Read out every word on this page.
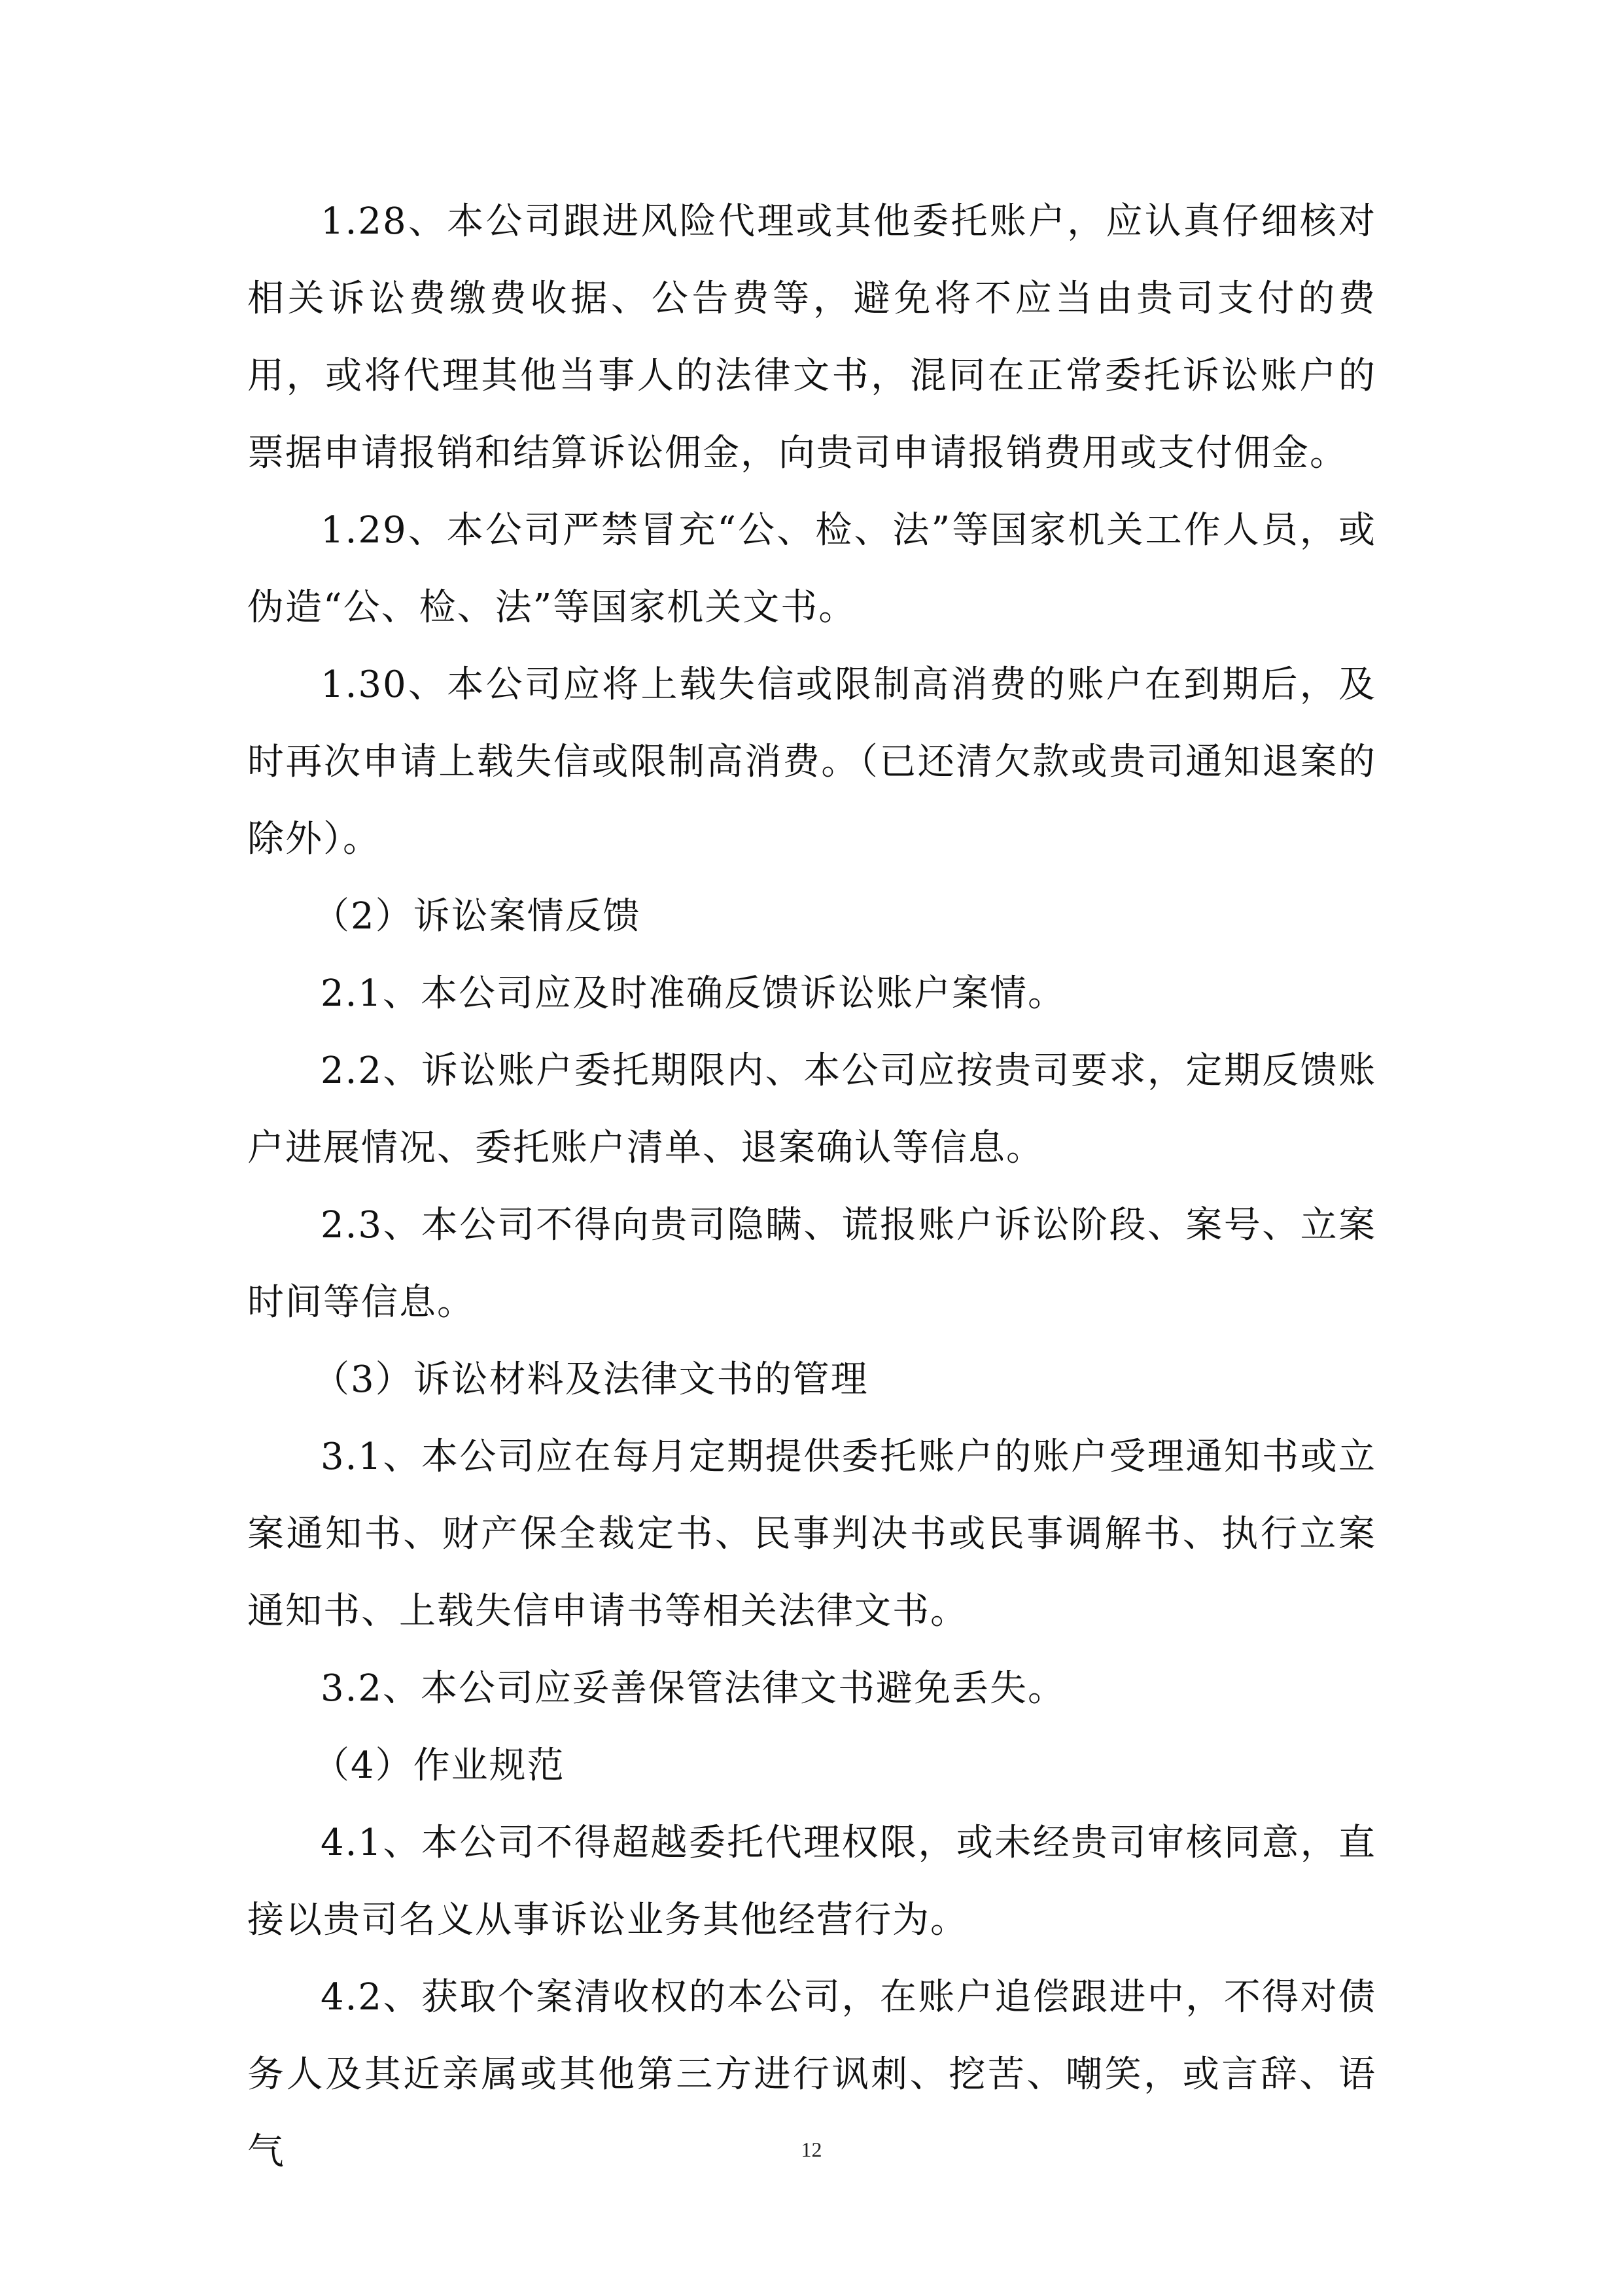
1.28、本公司跟进风险代理或其他委托账户，应认真仔细核对相关诉讼费缴费收据、公告费等，避免将不应当由贵司支付的费用，或将代理其他当事人的法律文书，混同在正常委托诉讼账户的票据申请报销和结算诉讼佣金，向贵司申请报销费用或支付佣金。

1.29、本公司严禁冒充“公、检、法”等国家机关工作人员，或伪造“公、检、法”等国家机关文书。

1.30、本公司应将上载失信或限制高消费的账户在到期后，及时再次申请上载失信或限制高消费。（已还清欠款或贵司通知退案的除外）。

（2）诉讼案情反馈

2.1、本公司应及时准确反馈诉讼账户案情。

2.2、诉讼账户委托期限内、本公司应按贵司要求，定期反馈账户进展情况、委托账户清单、退案确认等信息。

2.3、本公司不得向贵司隐瞒、谎报账户诉讼阶段、案号、立案时间等信息。

（3）诉讼材料及法律文书的管理

3.1、本公司应在每月定期提供委托账户的账户受理通知书或立案通知书、财产保全裁定书、民事判决书或民事调解书、执行立案通知书、上载失信申请书等相关法律文书。

3.2、本公司应妥善保管法律文书避免丢失。

（4）作业规范

4.1、本公司不得超越委托代理权限，或未经贵司审核同意，直接以贵司名义从事诉讼业务其他经营行为。

4.2、获取个案清收权的本公司，在账户追偿跟进中，不得对债务人及其近亲属或其他第三方进行讽刺、挖苦、嘲笑，或言辞、语气	12
